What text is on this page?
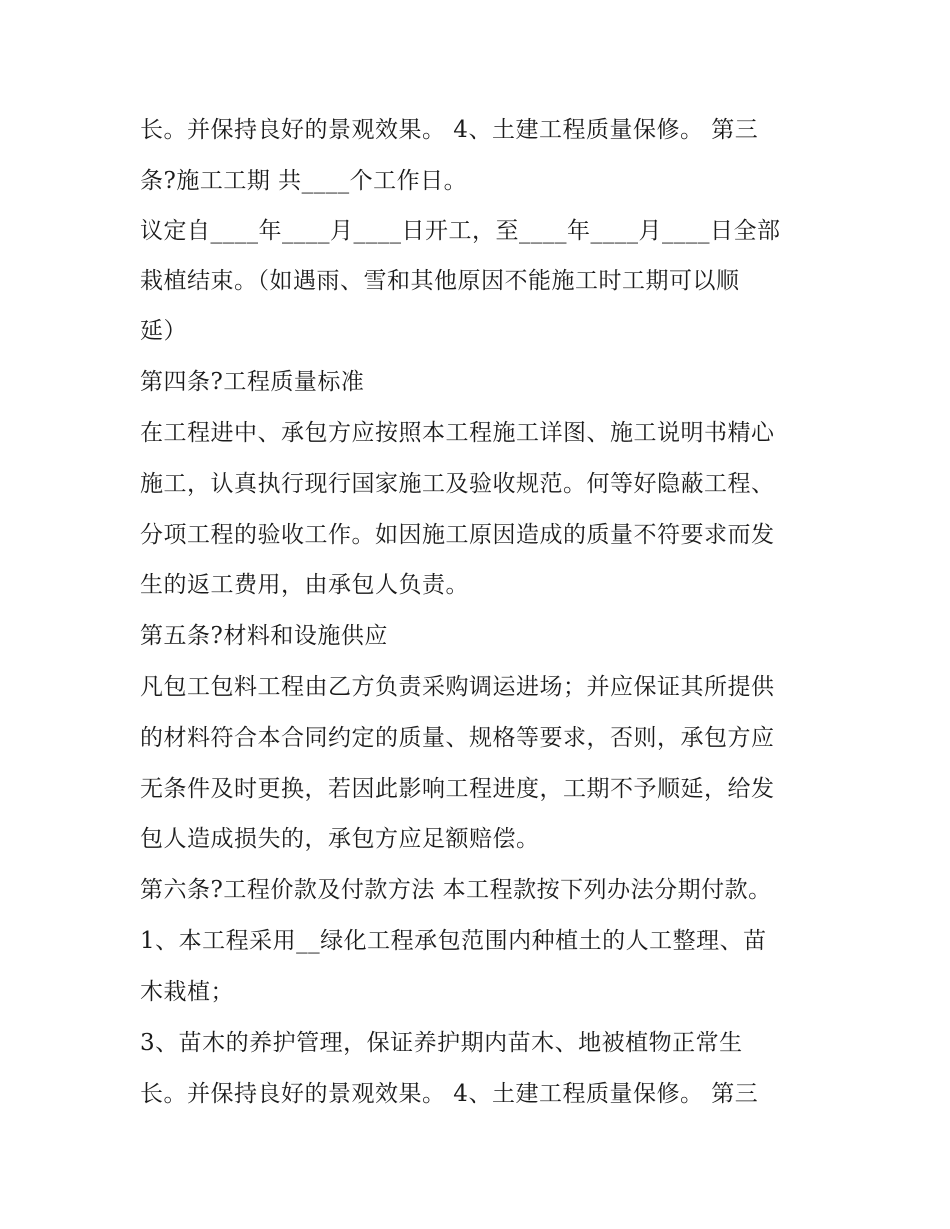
长。并保持良好的景观效果。 4、土建工程质量保修。 第三
条?施工工期 共____个工作日。
议定自____年____月____日开工，至____年____月____日全部
栽植结束。（如遇雨、雪和其他原因不能施工时工期可以顺
延）
第四条?工程质量标准
在工程进中、承包方应按照本工程施工详图、施工说明书精心
施工，认真执行现行国家施工及验收规范。何等好隐蔽工程、
分项工程的验收工作。如因施工原因造成的质量不符要求而发
生的返工费用，由承包人负责。
第五条?材料和设施供应
凡包工包料工程由乙方负责采购调运进场；并应保证其所提供
的材料符合本合同约定的质量、规格等要求，否则，承包方应
无条件及时更换，若因此影响工程进度，工期不予顺延，给发
包人造成损失的，承包方应足额赔偿。
第六条?工程价款及付款方法 本工程款按下列办法分期付款。
1、本工程采用__绿化工程承包范围内种植土的人工整理、苗
木栽植；
3、苗木的养护管理，保证养护期内苗木、地被植物正常生
长。并保持良好的景观效果。 4、土建工程质量保修。 第三
